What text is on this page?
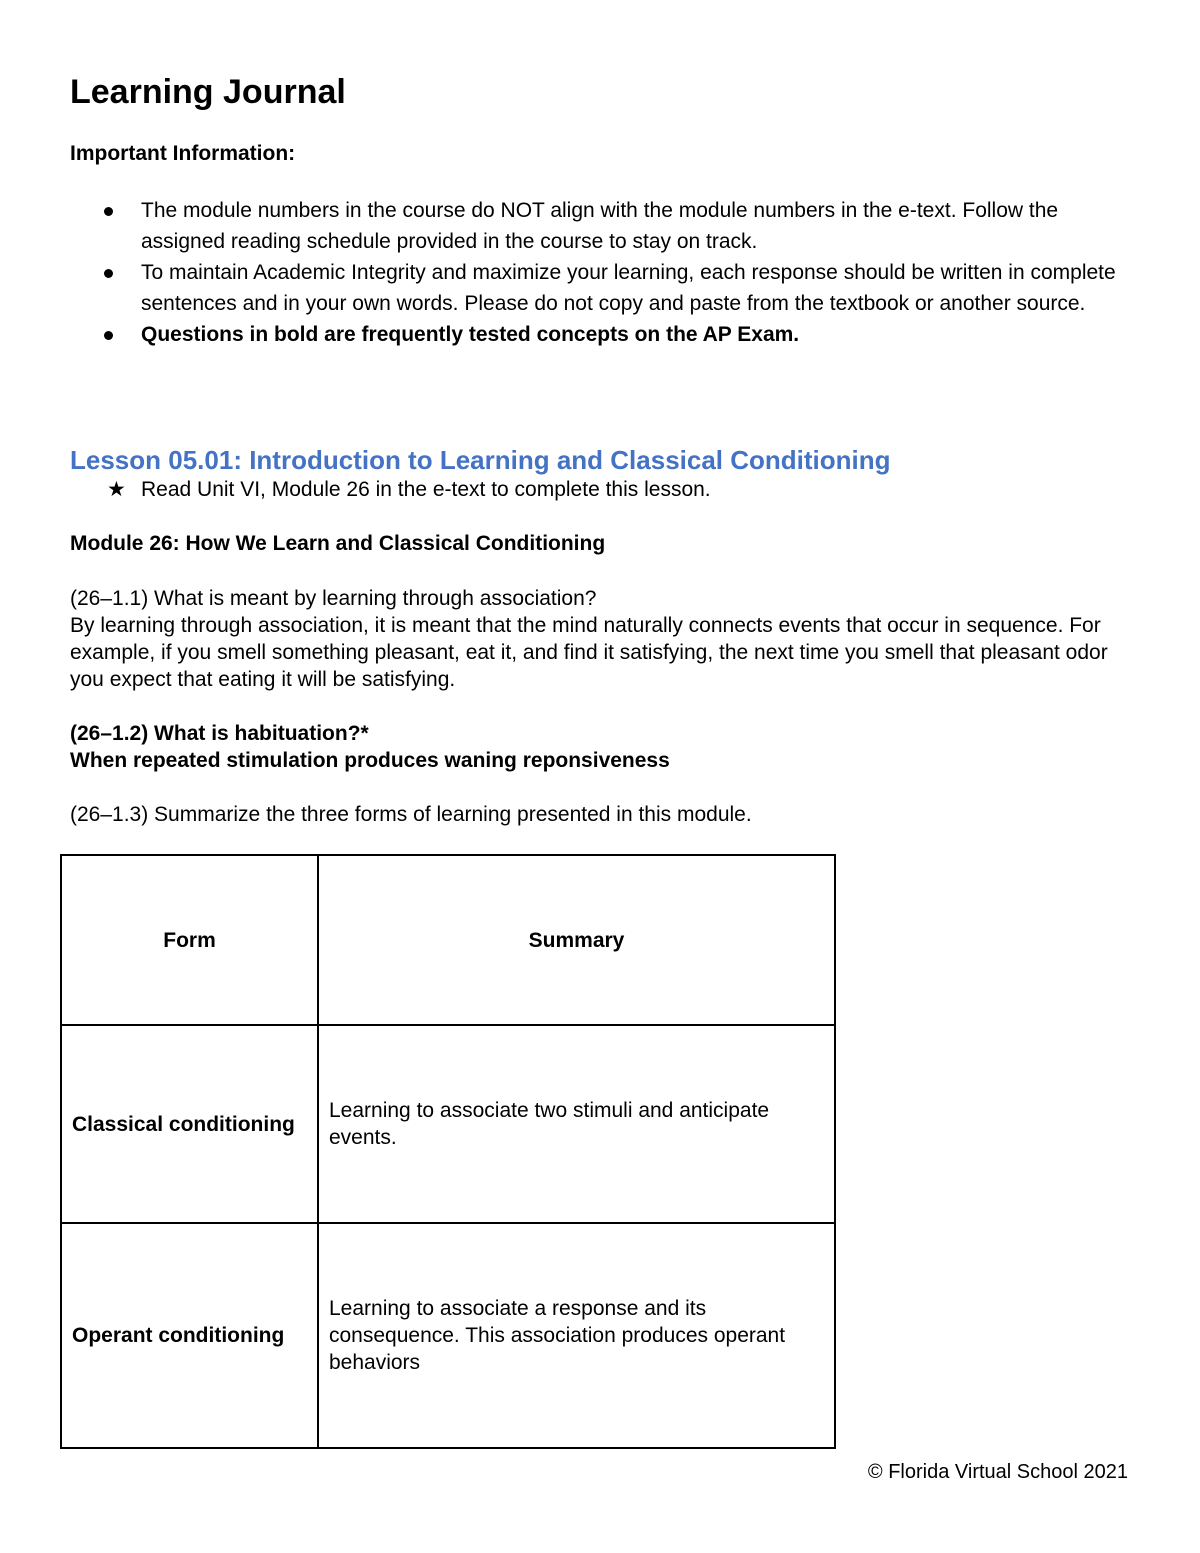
Learning Journal
Important Information:
The module numbers in the course do NOT align with the module numbers in the e-text. Follow the assigned reading schedule provided in the course to stay on track.
To maintain Academic Integrity and maximize your learning, each response should be written in complete sentences and in your own words. Please do not copy and paste from the textbook or another source.
Questions in bold are frequently tested concepts on the AP Exam.
Lesson 05.01: Introduction to Learning and Classical Conditioning
★ Read Unit VI, Module 26 in the e-text to complete this lesson.
Module 26: How We Learn and Classical Conditioning
(26–1.1) What is meant by learning through association?
By learning through association, it is meant that the mind naturally connects events that occur in sequence. For example, if you smell something pleasant, eat it, and find it satisfying, the next time you smell that pleasant odor you expect that eating it will be satisfying.
(26–1.2) What is habituation?*
When repeated stimulation produces waning reponsiveness
(26–1.3) Summarize the three forms of learning presented in this module.
Form	Summary
Classical conditioning	Learning to associate two stimuli and anticipate events.
Operant conditioning	Learning to associate a response and its consequence. This association produces operant behaviors
© Florida Virtual School 2021
